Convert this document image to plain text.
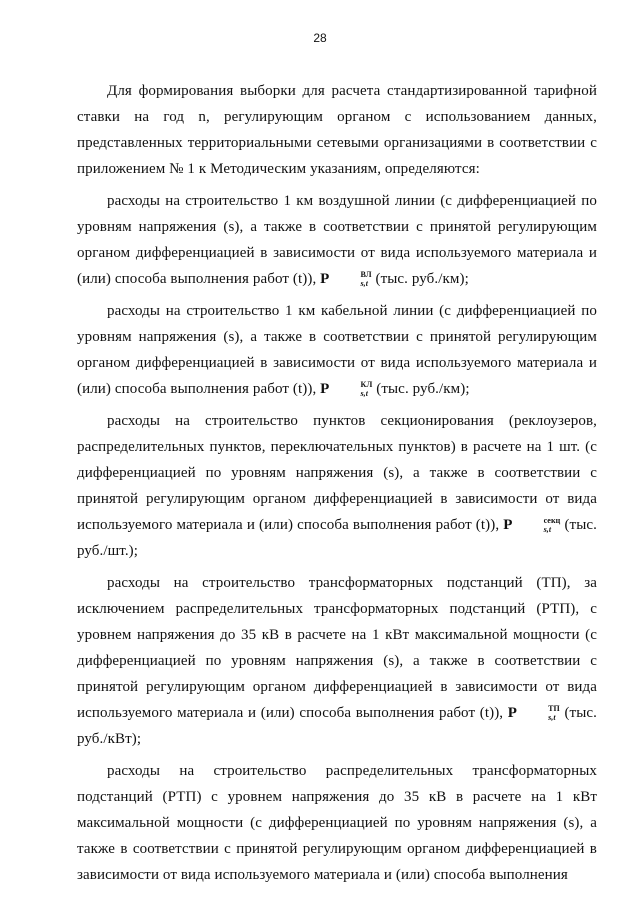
28

Для формирования выборки для расчета стандартизированной тарифной ставки на год n, регулирующим органом с использованием данных, представленных территориальными сетевыми организациями в соответствии с приложением № 1 к Методическим указаниям, определяются:

расходы на строительство 1 км воздушной линии (с дифференциацией по уровням напряжения (s), а также в соответствии с принятой регулирующим органом дифференциацией в зависимости от вида используемого материала и (или) способа выполнения работ (t)), P	ВЛ
s,t (тыс. руб./км);

расходы на строительство 1 км кабельной линии (с дифференциацией по уровням напряжения (s), а также в соответствии с принятой регулирующим органом дифференциацией в зависимости от вида используемого материала и (или) способа выполнения работ (t)), P	КЛ
s,t (тыс. руб./км);

расходы на строительство пунктов секционирования (реклоузеров, распределительных пунктов, переключательных пунктов) в расчете на 1 шт. (с дифференциацией по уровням напряжения (s), а также в соответствии с принятой регулирующим органом дифференциацией в зависимости от вида используемого материала и (или) способа выполнения работ (t)), P	секц
s,t (тыс. руб./шт.);

расходы на строительство трансформаторных подстанций (ТП), за исключением распределительных трансформаторных подстанций (РТП), с уровнем напряжения до 35 кВ в расчете на 1 кВт максимальной мощности (с дифференциацией по уровням напряжения (s), а также в соответствии с принятой регулирующим органом дифференциацией в зависимости от вида используемого материала и (или) способа выполнения работ (t)), P	ТП
s,t (тыс. руб./кВт);

расходы на строительство распределительных трансформаторных подстанций (РТП) с уровнем напряжения до 35 кВ в расчете на 1 кВт максимальной мощности (с дифференциацией по уровням напряжения (s), а также в соответствии с принятой регулирующим органом дифференциацией в зависимости от вида используемого материала и (или) способа выполнения
